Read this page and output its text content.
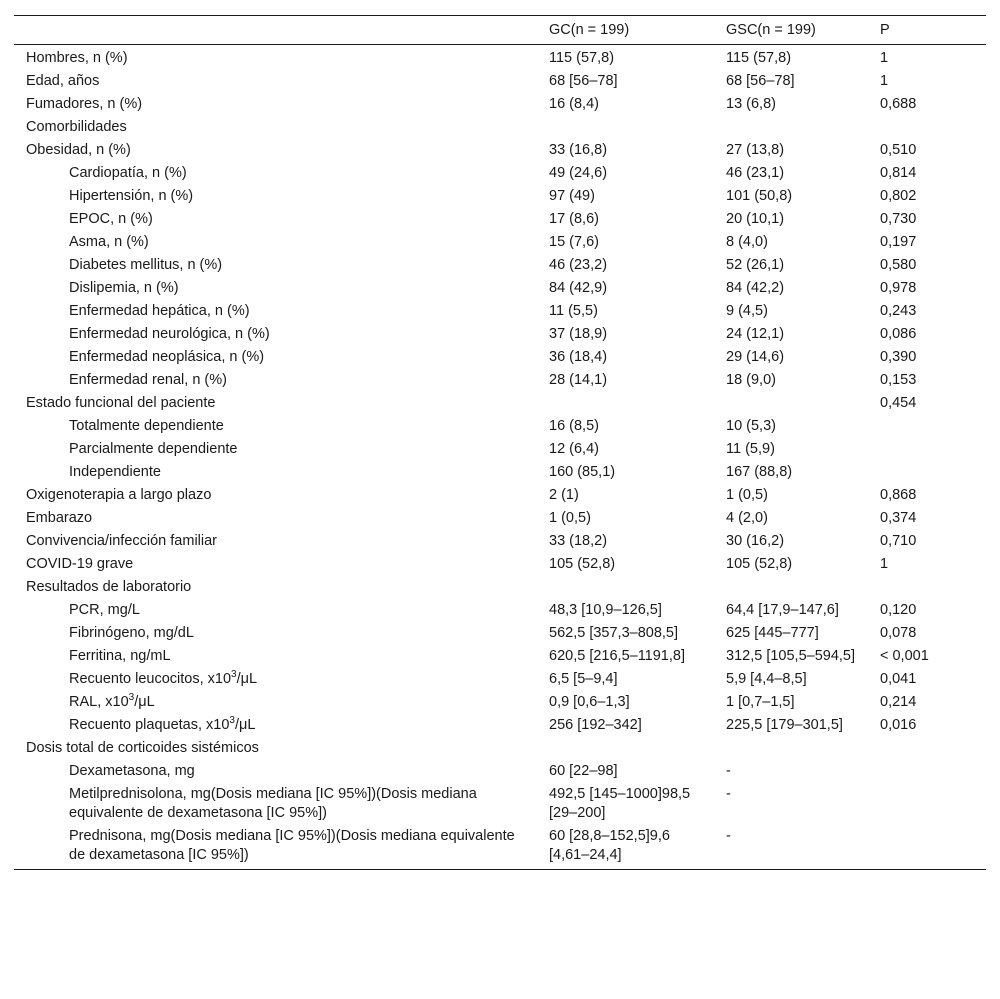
	GC(n = 199)	GSC(n = 199)	P
Hombres, n (%)	115 (57,8)	115 (57,8)	1
Edad, años	68 [56–78]	68 [56–78]	1
Fumadores, n (%)	16 (8,4)	13 (6,8)	0,688
Comorbilidades			
Obesidad, n (%)	33 (16,8)	27 (13,8)	0,510
Cardiopatía, n (%)	49 (24,6)	46 (23,1)	0,814
Hipertensión, n (%)	97 (49)	101 (50,8)	0,802
EPOC, n (%)	17 (8,6)	20 (10,1)	0,730
Asma, n (%)	15 (7,6)	8 (4,0)	0,197
Diabetes mellitus, n (%)	46 (23,2)	52 (26,1)	0,580
Dislipemia, n (%)	84 (42,9)	84 (42,2)	0,978
Enfermedad hepática, n (%)	11 (5,5)	9 (4,5)	0,243
Enfermedad neurológica, n (%)	37 (18,9)	24 (12,1)	0,086
Enfermedad neoplásica, n (%)	36 (18,4)	29 (14,6)	0,390
Enfermedad renal, n (%)	28 (14,1)	18 (9,0)	0,153
Estado funcional del paciente			0,454
Totalmente dependiente	16 (8,5)	10 (5,3)	
Parcialmente dependiente	12 (6,4)	11 (5,9)	
Independiente	160 (85,1)	167 (88,8)	
Oxigenoterapia a largo plazo	2 (1)	1 (0,5)	0,868
Embarazo	1 (0,5)	4 (2,0)	0,374
Convivencia/infección familiar	33 (18,2)	30 (16,2)	0,710
COVID-19 grave	105 (52,8)	105 (52,8)	1
Resultados de laboratorio			
PCR, mg/L	48,3 [10,9–126,5]	64,4 [17,9–147,6]	0,120
Fibrinógeno, mg/dL	562,5 [357,3–808,5]	625 [445–777]	0,078
Ferritina, ng/mL	620,5 [216,5–1191,8]	312,5 [105,5–594,5]	< 0,001
Recuento leucocitos, $x10^3/\mu L$	6,5 [5–9,4]	5,9 [4,4–8,5]	0,041
RAL, $x10^3/\mu L$	0,9 [0,6–1,3]	1 [0,7–1,5]	0,214
Recuento plaquetas, $x10^3/\mu L$	256 [192–342]	225,5 [179–301,5]	0,016
Dosis total de corticoides sistémicos			
Dexametasona, mg	60 [22–98]	-	
Metilprednisolona, mg(Dosis mediana [IC 95%])(Dosis mediana equivalente de dexametasona [IC 95%])	492,5 [145–1000]98,5 [29–200]	-	
Prednisona, mg(Dosis mediana [IC 95%])(Dosis mediana equivalente de dexametasona [IC 95%])	60 [28,8–152,5]9,6 [4,61–24,4]	-	
